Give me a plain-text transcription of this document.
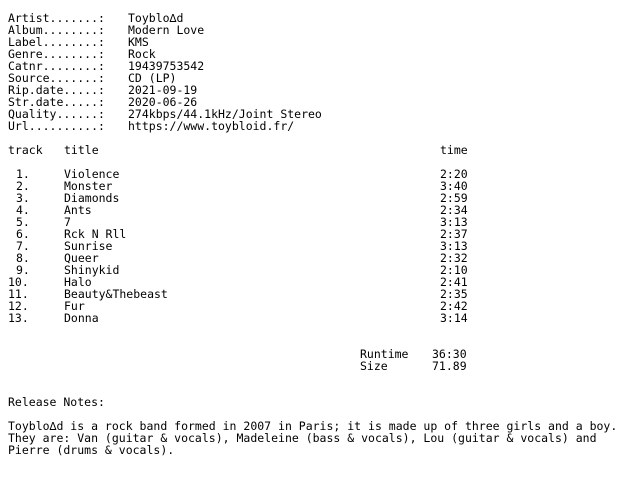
Artist.......: Toyblo∆d
Album........: Modern Love
Label........: KMS
Genre........: Rock
Catnr........: 19439753542
Source.......: CD (LP)
Rip.date.....: 2021-09-19
Str.date.....: 2020-06-26
Quality......: 274kbps/44.1kHz/Joint Stereo
Url..........: https://www.toybloid.fr/
track title	time
1.	Violence	2:20
2.	Monster	3:40
3.	Diamonds	2:59
4.	Ants	2:34
5.	7	3:13
6.	Rck N Rll	2:37
7.	Sunrise	3:13
8.	Queer	2:32
9.	Shinykid	2:10
10.	Halo	2:41
11.	Beauty&Thebeast	2:35
12.	Fur	2:42
13.	Donna	3:14
Runtime 36:30
Size	71.89
Release Notes:
Toyblo∆d is a rock band formed in 2007 in Paris; it is made up of three girls and a boy. They are: Van (guitar & vocals), Madeleine (bass & vocals), Lou (guitar & vocals) and Pierre (drums & vocals).
